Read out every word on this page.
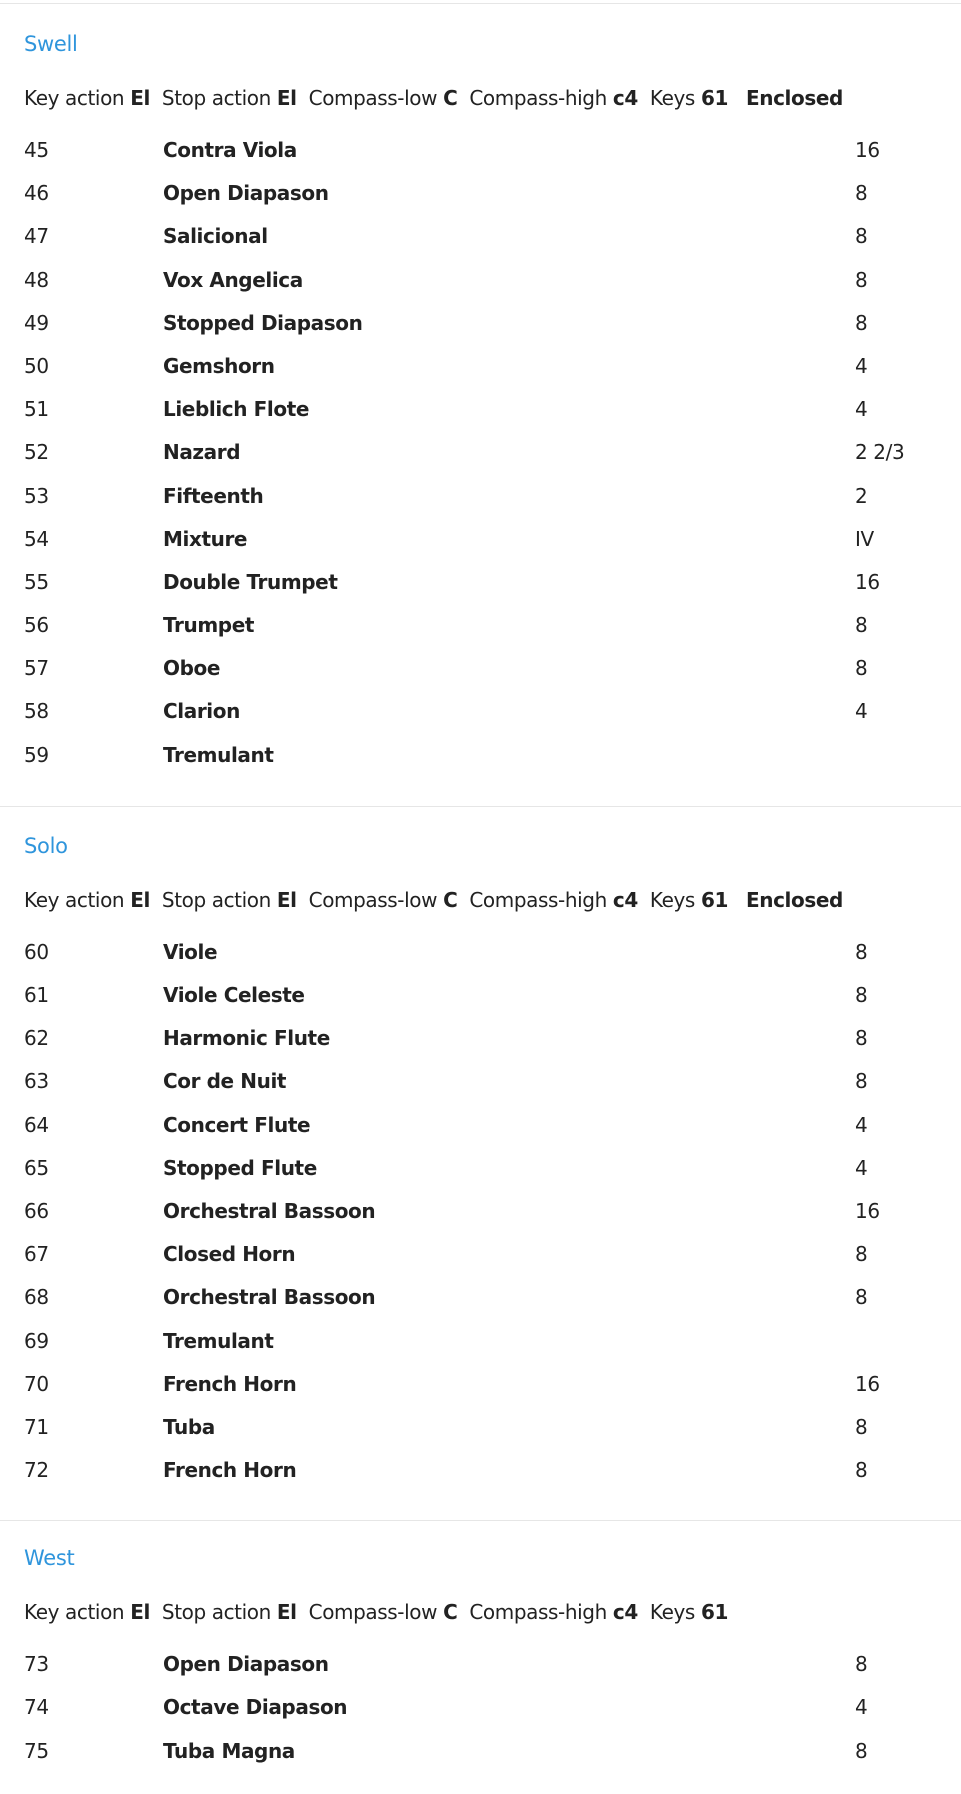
Swell
Key action El Stop action El Compass-low C Compass-high c4 Keys 61 Enclosed
45	Contra Viola	16
46	Open Diapason	8
47	Salicional	8
48	Vox Angelica	8
49	Stopped Diapason	8
50	Gemshorn	4
51	Lieblich Flote	4
52	Nazard	2 2/3
53	Fifteenth	2
54	Mixture	IV
55	Double Trumpet	16
56	Trumpet	8
57	Oboe	8
58	Clarion	4
59	Tremulant
Solo
Key action El Stop action El Compass-low C Compass-high c4 Keys 61 Enclosed
60	Viole	8
61	Viole Celeste	8
62	Harmonic Flute	8
63	Cor de Nuit	8
64	Concert Flute	4
65	Stopped Flute	4
66	Orchestral Bassoon	16
67	Closed Horn	8
68	Orchestral Bassoon	8
69	Tremulant
70	French Horn	16
71	Tuba	8
72	French Horn	8
West
Key action El Stop action El Compass-low C Compass-high c4 Keys 61
73	Open Diapason	8
74	Octave Diapason	4
75	Tuba Magna	8
